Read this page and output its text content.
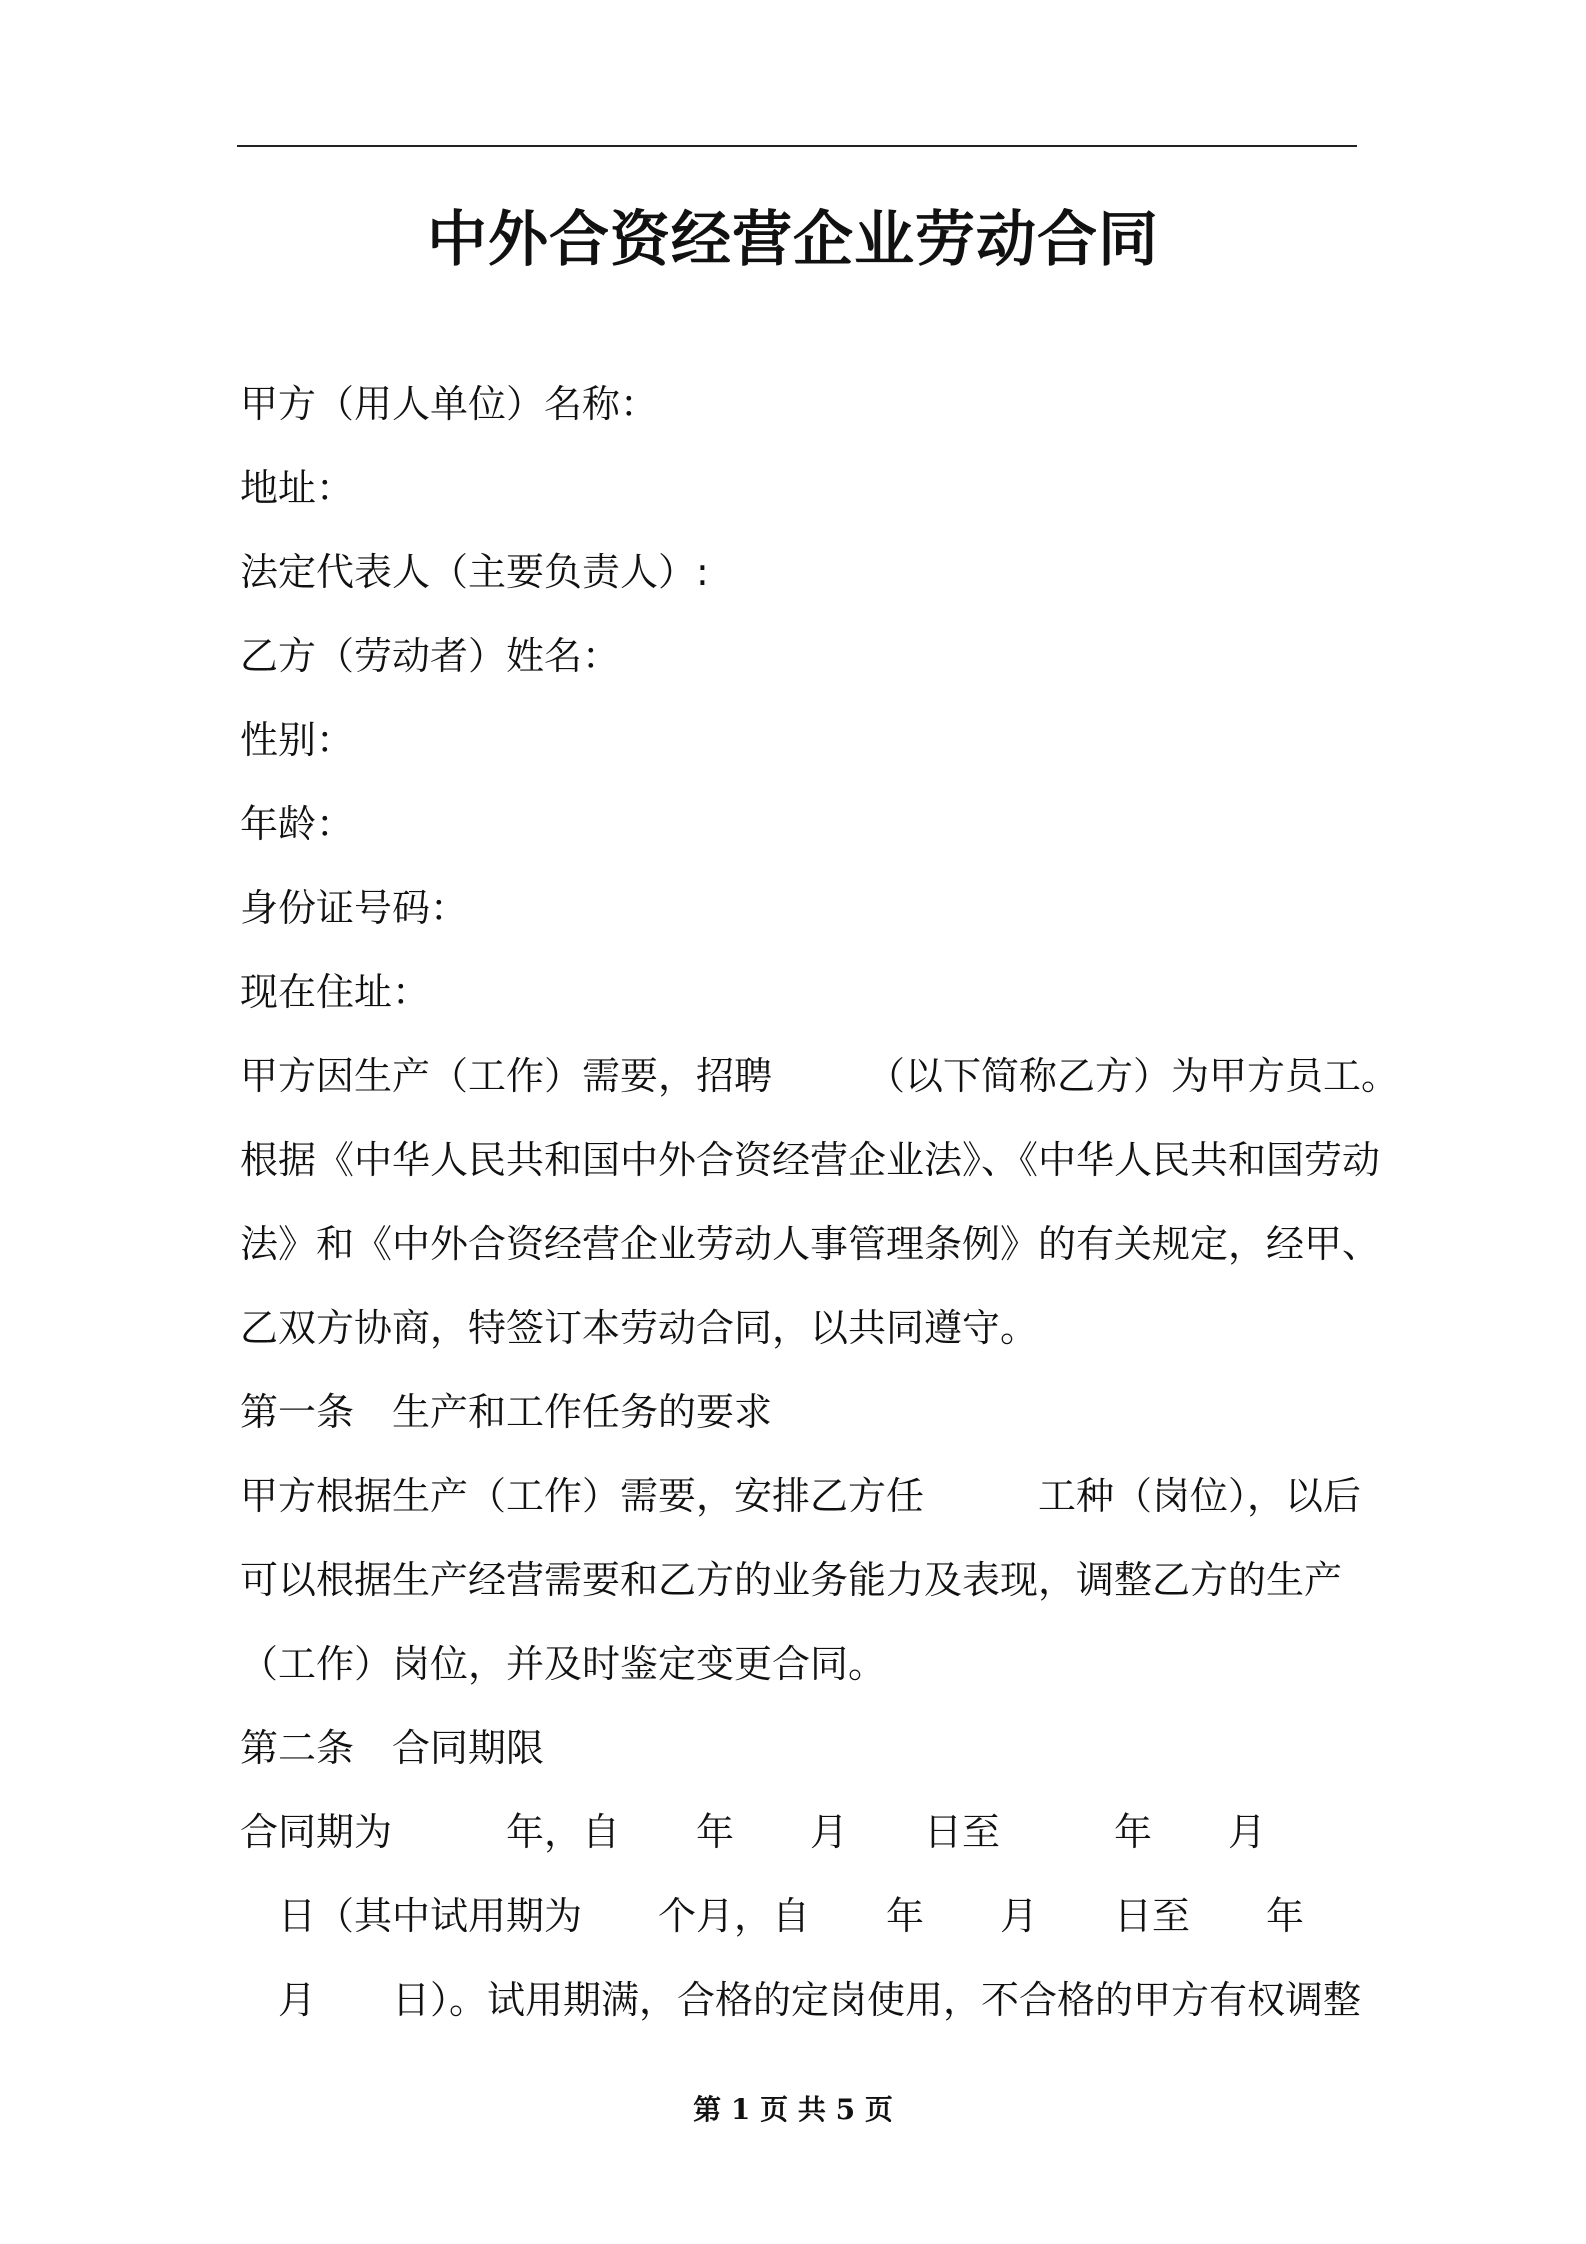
中外合资经营企业劳动合同
甲方（用人单位）名称：
地址：
法定代表人（主要负责人）:
乙方（劳动者）姓名：
性别：
年龄：
身份证号码：
现在住址：
甲方因生产（工作）需要，招聘　　　（以下简称乙方）为甲方员工。
根据《中华人民共和国中外合资经营企业法》、《中华人民共和国劳动
法》和《中外合资经营企业劳动人事管理条例》的有关规定，经甲、
乙双方协商，特签订本劳动合同，以共同遵守。
第一条　生产和工作任务的要求
甲方根据生产（工作）需要，安排乙方任　　　工种（岗位），以后
可以根据生产经营需要和乙方的业务能力及表现，调整乙方的生产
（工作）岗位，并及时鉴定变更合同。
第二条　合同期限
合同期为　　　年，自　　年　　月　　日至　　　年　　月
　日（其中试用期为　　个月，自　　年　　月　　日至　　年
　月　　日）。试用期满，合格的定岗使用，不合格的甲方有权调整
第 1 页 共 5 页
